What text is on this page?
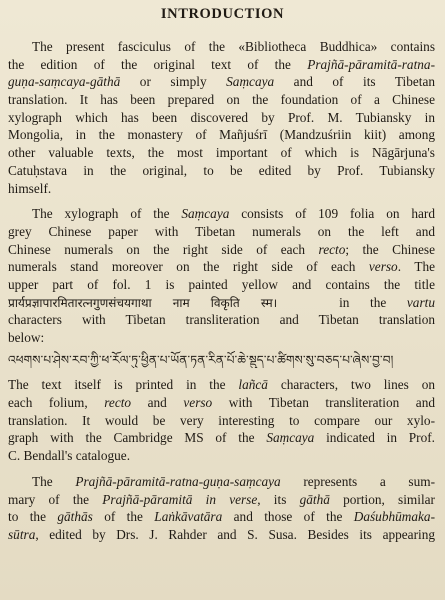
INTRODUCTION
The present fasciculus of the «Bibliotheca Buddhica» contains
the edition of the original text of the Prajñā-pāramitā-ratna-
guṇa-saṃcaya-gāthā or simply Saṃcaya and of its Tibetan
translation. It has been prepared on the foundation of a Chinese
xylograph which has been discovered by Prof. M. Tubiansky in
Mongolia, in the monastery of Mañjuśrī (Mandzuśriin kiit) among
other valuable texts, the most important of which is Nāgārjuna's
Catuḥstava in the original, to be edited by Prof. Tubiansky
himself.
The xylograph of the Saṃcaya consists of 109 folia on hard
grey Chinese paper with Tibetan numerals on the left and
Chinese numerals on the right side of each recto; the Chinese
numerals stand moreover on the right side of each verso. The
upper part of fol. 1 is painted yellow and contains the title
प्रार्यप्रज्ञापारमितारत्नगुणसंचयगाथा नाम विकृति स्म।   in the vartu
characters with Tibetan transliteration and Tibetan translation
below:
འཕགས་པ་ཤེས་རབ་ཀྱི་ཕ་རོལ་ཏུ་ཕྱིན་པ་ཡོན་ཏན་རིན་པོ་ཆེ་སྡུད་པ་ཚིགས་སུ་བཅད་པ་ཞེས་བྱ་བ།
The text itself is printed in the lañcā characters, two lines on
each folium, recto and verso with Tibetan transliteration and
translation. It would be very interesting to compare our xylo-
graph with the Cambridge MS of the Saṃcaya indicated in Prof.
C. Bendall's catalogue.
The Prajñā-pāramitā-ratna-guṇa-saṃcaya represents a sum-
mary of the Prajñā-pāramitā in verse, its gāthā portion, similar
to the gāthās of the Laṅkāvatāra and those of the Daśubhūmaka-
sūtra, edited by Drs. J. Rahder and S. Susa. Besides its appearing
